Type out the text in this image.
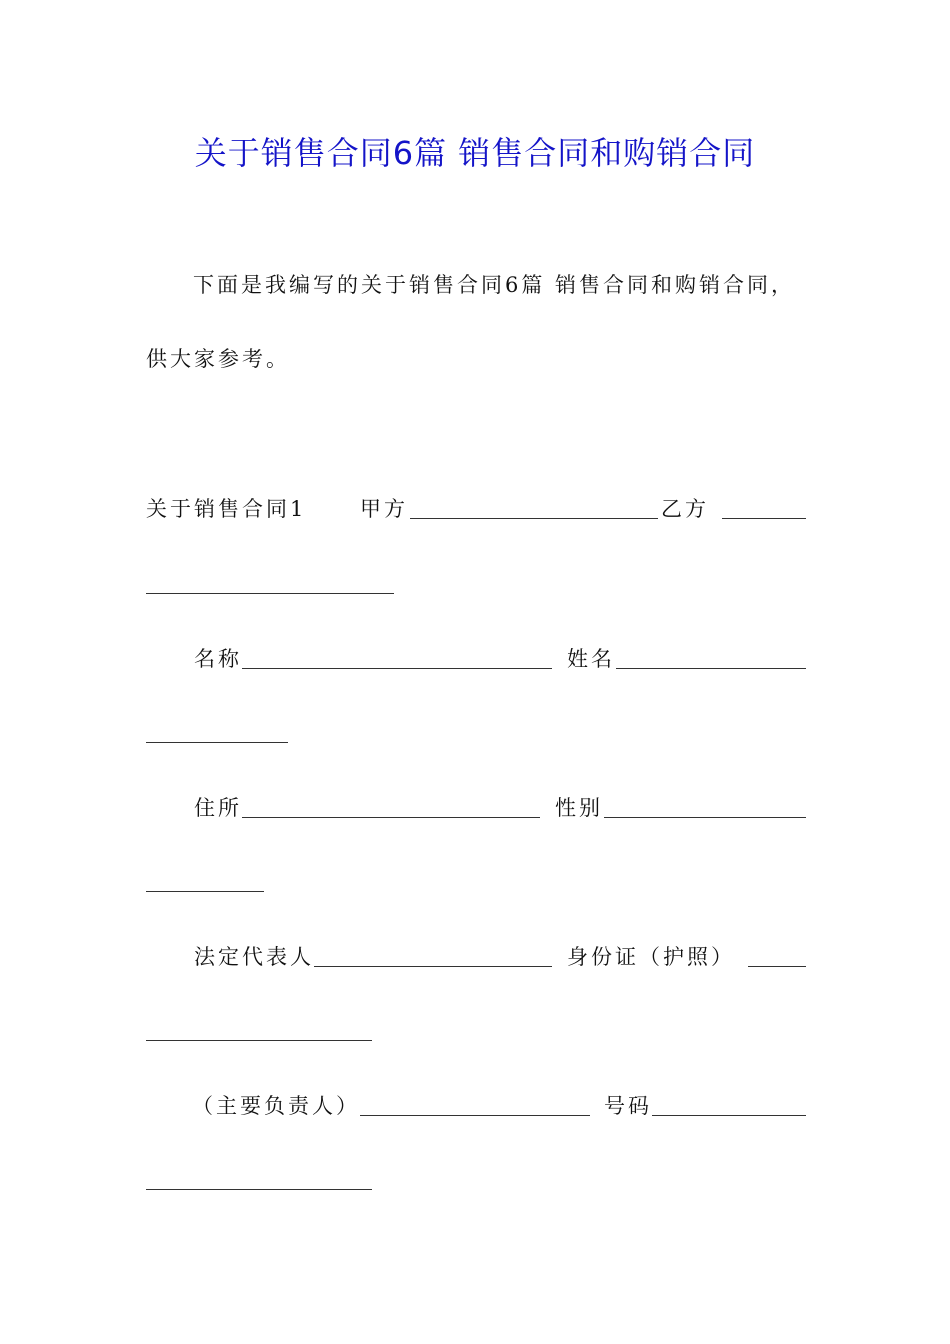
关于销售合同6篇 销售合同和购销合同
下面是我编写的关于销售合同6篇 销售合同和购销合同，
供大家参考。
关于销售合同1	甲方	乙方
名称	姓名
住所	性别
法定代表人	身份证（护照）
（主要负责人）	号码
